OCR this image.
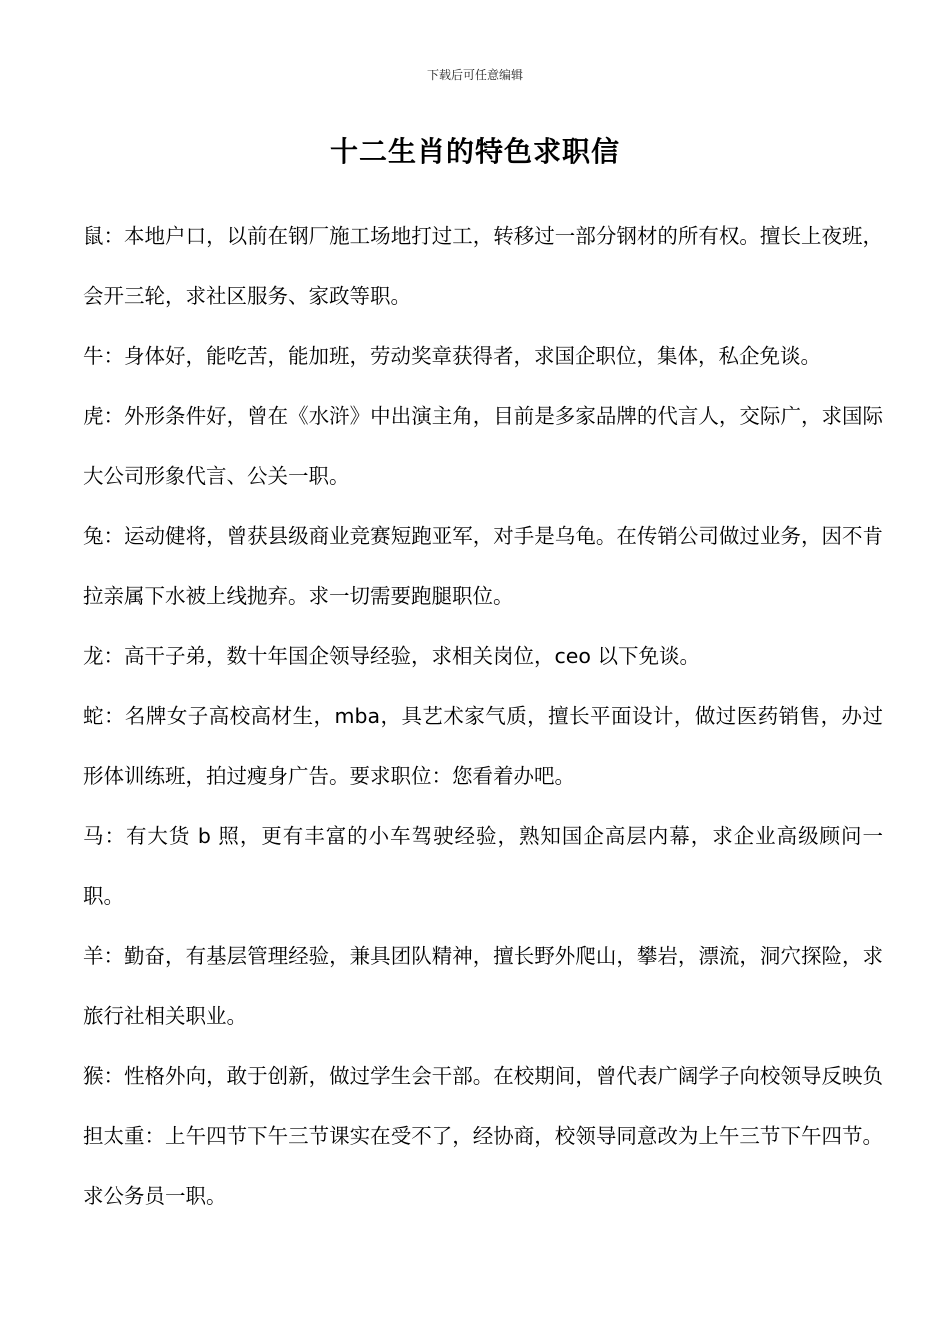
下载后可任意编辑
十二生肖的特色求职信

鼠：本地户口，以前在钢厂施工场地打过工，转移过一部分钢材的所有权。擅长上夜班，会开三轮，求社区服务、家政等职。

牛：身体好，能吃苦，能加班，劳动奖章获得者，求国企职位，集体，私企免谈。

虎：外形条件好，曾在《水浒》中出演主角，目前是多家品牌的代言人，交际广，求国际大公司形象代言、公关一职。

兔：运动健将，曾获县级商业竞赛短跑亚军，对手是乌龟。在传销公司做过业务，因不肯拉亲属下水被上线抛弃。求一切需要跑腿职位。

龙：高干子弟，数十年国企领导经验，求相关岗位，ceo 以下免谈。

蛇：名牌女子高校高材生，mba，具艺术家气质，擅长平面设计，做过医药销售，办过形体训练班，拍过瘦身广告。要求职位：您看着办吧。

马：有大货 b 照，更有丰富的小车驾驶经验，熟知国企高层内幕，求企业高级顾问一职。

羊：勤奋，有基层管理经验，兼具团队精神，擅长野外爬山，攀岩，漂流，洞穴探险，求旅行社相关职业。

猴：性格外向，敢于创新，做过学生会干部。在校期间，曾代表广阔学子向校领导反映负担太重：上午四节下午三节课实在受不了，经协商，校领导同意改为上午三节下午四节。求公务员一职。
